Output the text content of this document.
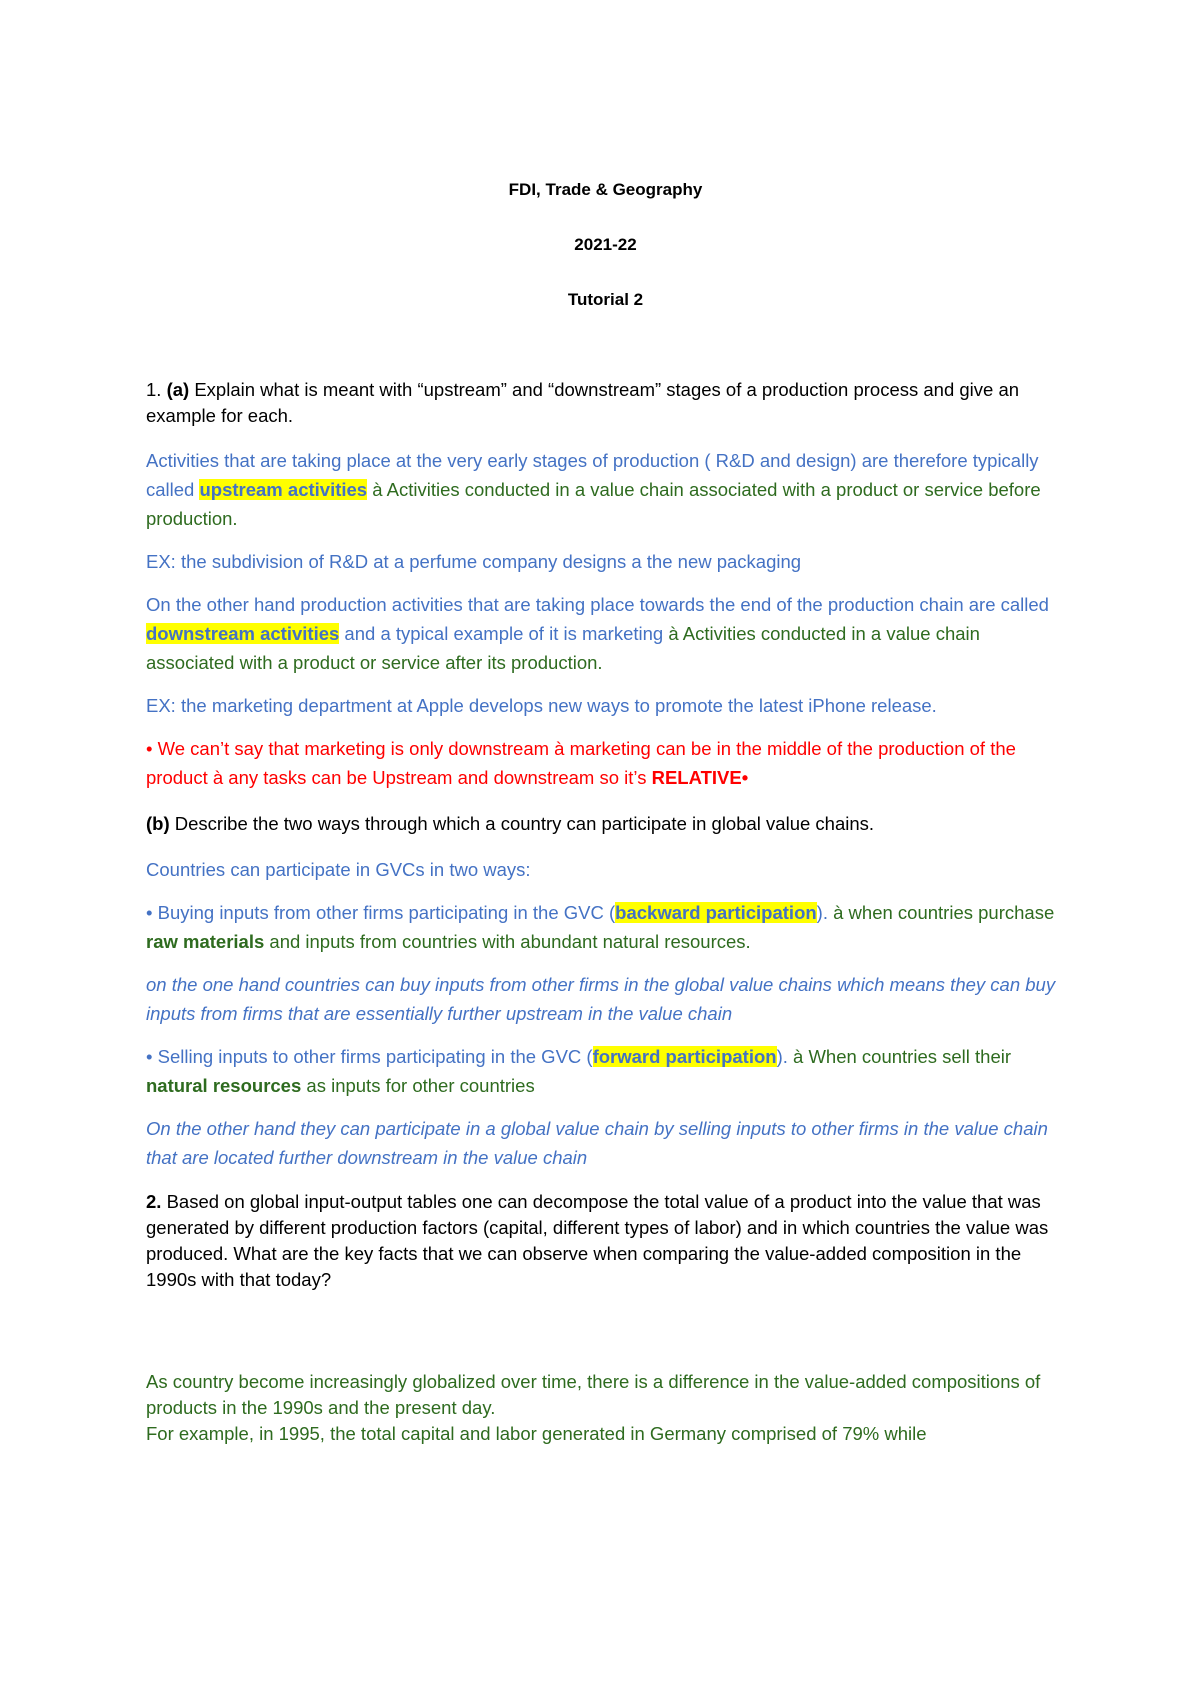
FDI, Trade & Geography

2021-22

Tutorial 2

1. (a) Explain what is meant with “upstream” and “downstream” stages of a production process and give an example for each.

Activities that are taking place at the very early stages of production ( R&D and design) are therefore typically called upstream activities à Activities conducted in a value chain associated with a product or service before production.

EX: the subdivision of R&D at a perfume company designs a the new packaging

On the other hand production activities that are taking place towards the end of the production chain are called downstream activities and a typical example of it is marketing à Activities conducted in a value chain associated with a product or service after its production.

EX: the marketing department at Apple develops new ways to promote the latest iPhone release.

• We can’t say that marketing is only downstream à marketing can be in the middle of the production of the product à any tasks can be Upstream and downstream so it’s RELATIVE•

(b) Describe the two ways through which a country can participate in global value chains.

Countries can participate in GVCs in two ways:

• Buying inputs from other firms participating in the GVC (backward participation). à when countries purchase raw materials and inputs from countries with abundant natural resources.

on the one hand countries can buy inputs from other firms in the global value chains which means they can buy inputs from firms that are essentially further upstream in the value chain

• Selling inputs to other firms participating in the GVC (forward participation). à When countries sell their natural resources as inputs for other countries

On the other hand they can participate in a global value chain by selling inputs to other firms in the value chain that are located further downstream in the value chain

2. Based on global input-output tables one can decompose the total value of a product into the value that was generated by different production factors (capital, different types of labor) and in which countries the value was produced. What are the key facts that we can observe when comparing the value-added composition in the 1990s with that today?

As country become increasingly globalized over time, there is a difference in the value-added compositions of products in the 1990s and the present day.

For example, in 1995, the total capital and labor generated in Germany comprised of 79% while
